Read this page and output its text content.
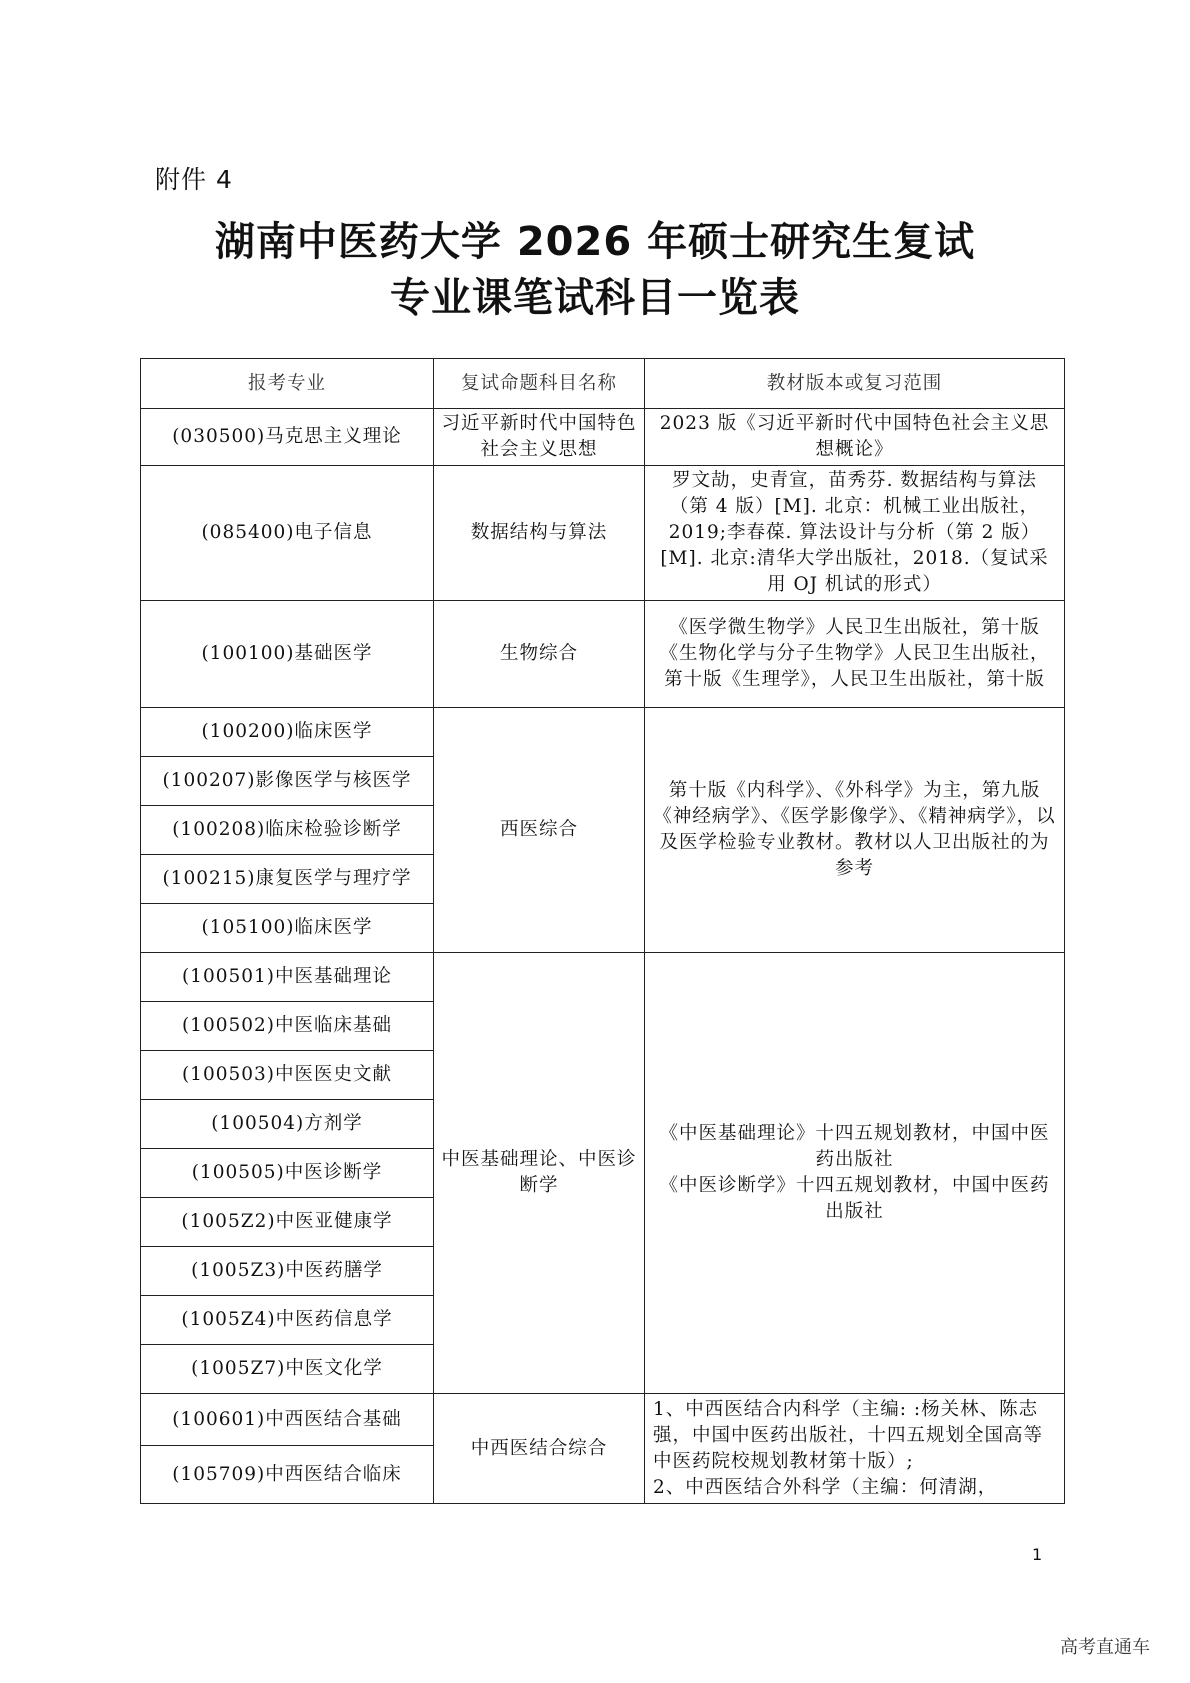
附件 4
湖南中医药大学 2026 年硕士研究生复试
专业课笔试科目一览表
报考专业	复试命题科目名称	教材版本或复习范围
(030500)马克思主义理论	习近平新时代中国特色社会主义思想	2023 版《习近平新时代中国特色社会主义思想概论》
(085400)电子信息	数据结构与算法	罗文劼，史青宣，苗秀芬. 数据结构与算法（第 4 版）[M]. 北京：机械工业出版社，2019;李春葆. 算法设计与分析（第 2 版）[M]. 北京:清华大学出版社，2018.（复试采用 OJ 机试的形式）
(100100)基础医学	生物综合	《医学微生物学》人民卫生出版社，第十版《生物化学与分子生物学》人民卫生出版社，第十版《生理学》，人民卫生出版社，第十版
(100200)临床医学	西医综合	第十版《内科学》、《外科学》为主，第九版《神经病学》、《医学影像学》、《精神病学》，以及医学检验专业教材。教材以人卫出版社的为参考
(100207)影像医学与核医学		
(100208)临床检验诊断学		
(100215)康复医学与理疗学		
(105100)临床医学		
(100501)中医基础理论	中医基础理论、中医诊断学	《中医基础理论》十四五规划教材，中国中医药出版社
《中医诊断学》十四五规划教材，中国中医药出版社

(100502)中医临床基础		
(100503)中医医史文献		
(100504)方剂学		
(100505)中医诊断学		
(1005Z2)中医亚健康学		
(1005Z3)中医药膳学		
(1005Z4)中医药信息学		
(1005Z7)中医文化学		
(100601)中西医结合基础	中西医结合综合	1、中西医结合内科学（主编: :杨关林、陈志强，中国中医药出版社，十四五规划全国高等中医药院校规划教材第十版）;
2、中西医结合外科学（主编：何清湖，

(105709)中西医结合临床		
1
高考直通车
